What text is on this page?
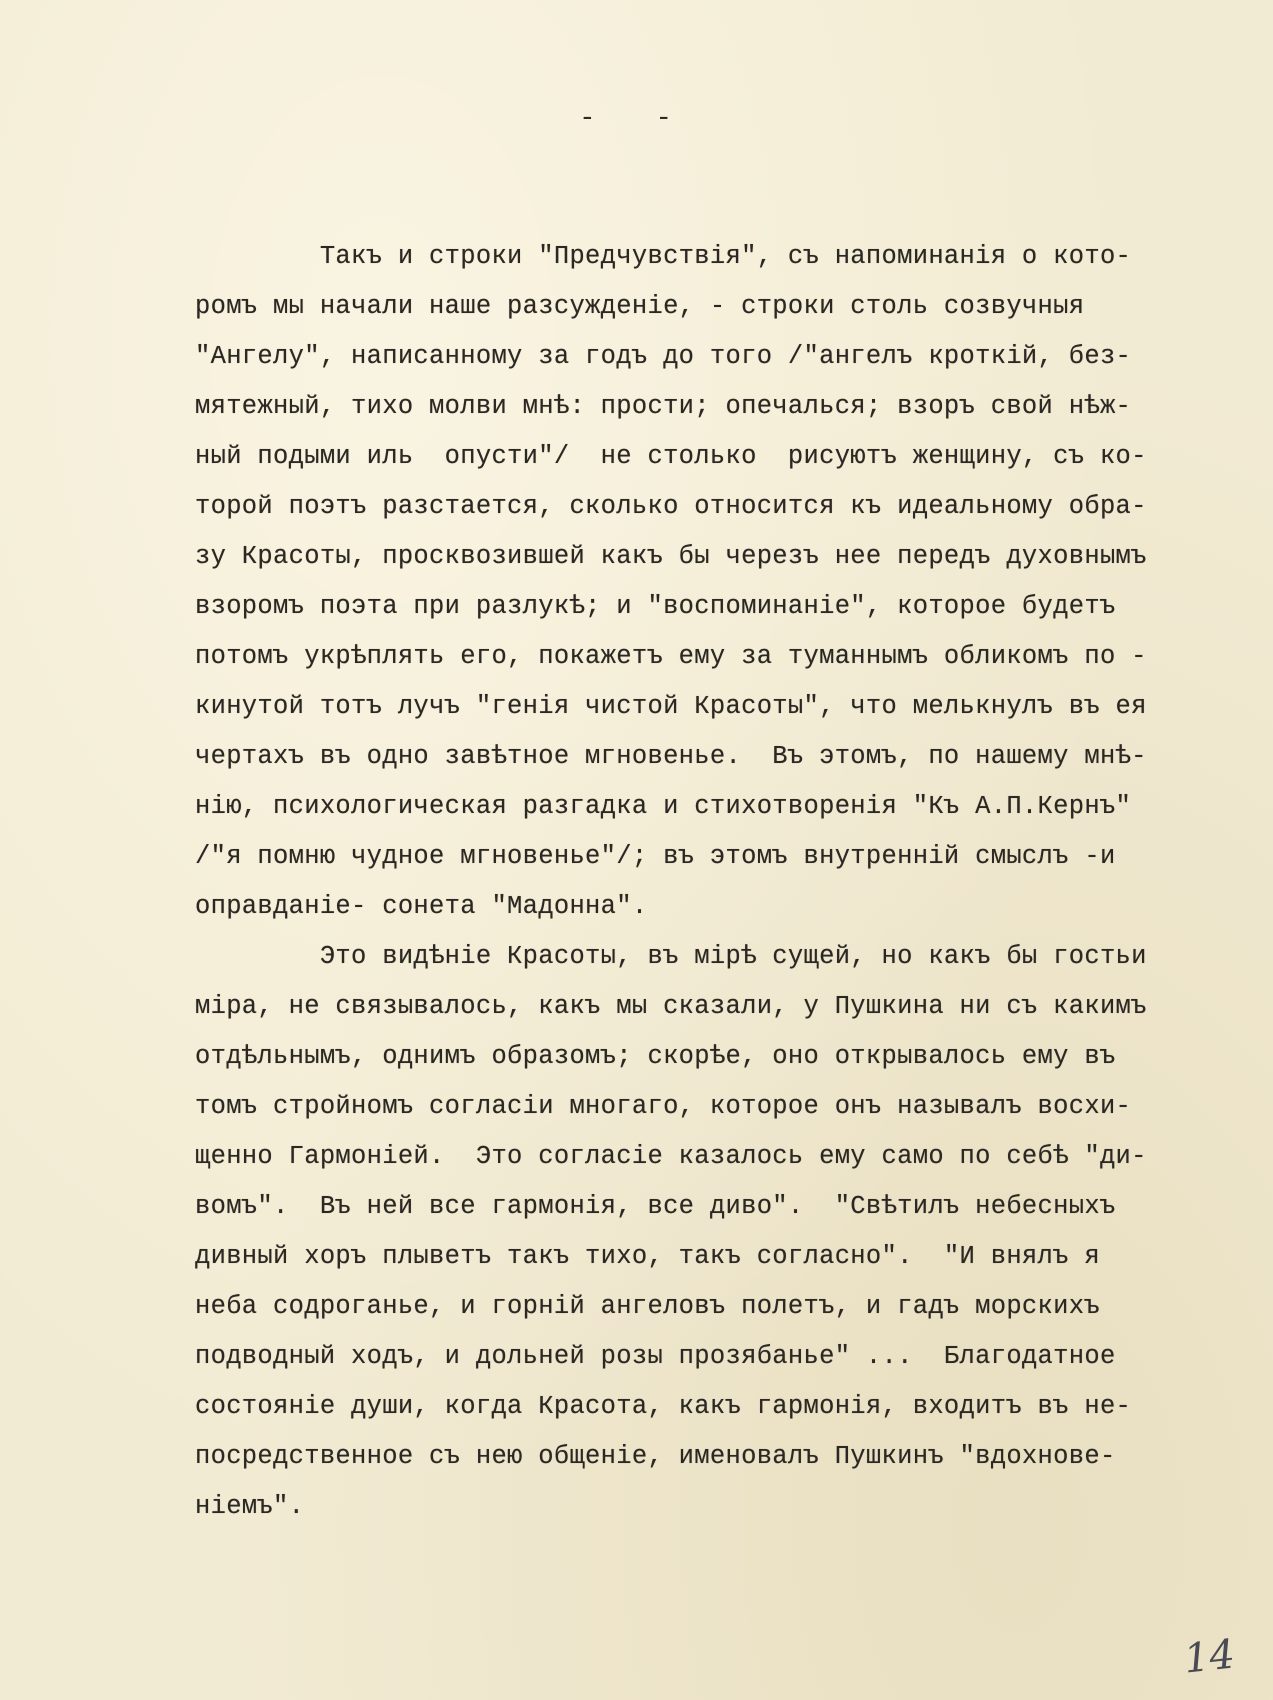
- -
Такъ и строки "Предчувствія", съ напоминанія о кото-
ромъ мы начали наше разсужденіе, - строки столь созвучныя
"Ангелу", написанному за годъ до того /"ангелъ кроткій, без-
мятежный, тихо молви мнѣ: прости; опечалься; взоръ свой нѣж-
ный подыми иль  опусти"/  не столько  рисуютъ женщину, съ ко-
торой поэтъ разстается, сколько относится къ идеальному обра-
зу Красоты, просквозившей какъ бы черезъ нее передъ духовнымъ
взоромъ поэта при разлукѣ; и "воспоминаніе", которое будетъ
потомъ укрѣплять его, покажетъ ему за туманнымъ обликомъ по -
кинутой тотъ лучъ "генія чистой Красоты", что мелькнулъ въ ея
чертахъ въ одно завѣтное мгновенье.  Въ этомъ, по нашему мнѣ-
нію, психологическая разгадка и стихотворенія "Къ А.П.Кернъ"
/"я помню чудное мгновенье"/; въ этомъ внутренній смыслъ -и
оправданіе- сонета "Мадонна".
Это видѣніе Красоты, въ мірѣ сущей, но какъ бы гостьи
міра, не связывалось, какъ мы сказали, у Пушкина ни съ какимъ
отдѣльнымъ, однимъ образомъ; скорѣе, оно открывалось ему въ
томъ стройномъ согласіи многаго, которое онъ называлъ восхи-
щенно Гармоніей.  Это согласіе казалось ему само по себѣ "ди-
вомъ".  Въ ней все гармонія, все диво".  "Свѣтилъ небесныхъ
дивный хоръ плыветъ такъ тихо, такъ согласно".  "И внялъ я
неба содроганье, и горній ангеловъ полетъ, и гадъ морскихъ
подводный ходъ, и дольней розы прозябанье" ...  Благодатное
состояніе души, когда Красота, какъ гармонія, входитъ въ не-
посредственное съ нею общеніе, именовалъ Пушкинъ "вдохнове-
ніемъ".
14
